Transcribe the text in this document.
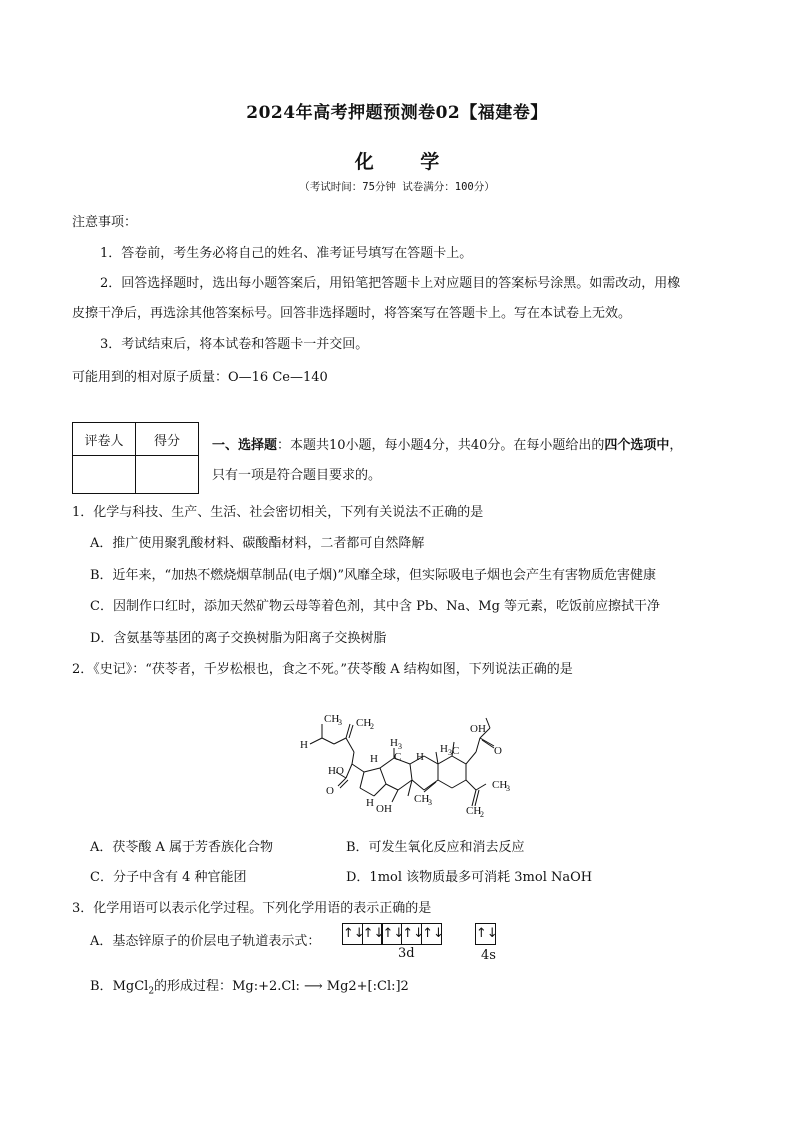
2024年高考押题预测卷02【福建卷】
化 学
（考试时间：75分钟 试卷满分：100分）
注意事项：
1．答卷前，考生务必将自己的姓名、准考证号填写在答题卡上。
2．回答选择题时，选出每小题答案后，用铅笔把答题卡上对应题目的答案标号涂黑。如需改动，用橡
皮擦干净后，再选涂其他答案标号。回答非选择题时，将答案写在答题卡上。写在本试卷上无效。
3．考试结束后，将本试卷和答题卡一并交回。
可能用到的相对原子质量：O—16 Ce—140
评卷人	得分
	一、选择题：本题共10小题，每小题4分，共40分。在每小题给出的四个选项中，
只有一项是符合题目要求的。
1．化学与科技、生产、生活、社会密切相关，下列有关说法不正确的是
A．推广使用聚乳酸材料、碳酸酯材料，二者都可自然降解
B．近年来，“加热不燃烧烟草制品(电子烟)”风靡全球，但实际吸电子烟也会产生有害物质危害健康
C．因制作口红时，添加天然矿物云母等着色剂，其中含 Pb、Na、Mg 等元素，吃饭前应擦拭干净
D．含氨基等基团的离子交换树脂为阳离子交换树脂
2．《史记》：“茯苓者，千岁松根也，食之不死。”茯苓酸 A 结构如图，下列说法正确的是
CH
3 CH
2
H
HO
O
H
H 3
C
H OH
CH
3
H
H 3 C
OH
O
CH
3
CH
2
A．茯苓酸 A 属于芳香族化合物	B．可发生氧化反应和消去反应
C．分子中含有 4 种官能团	D．1mol 该物质最多可消耗 3mol NaOH
3．化学用语可以表示化学过程。下列化学用语的表示正确的是
A．基态锌原子的价层电子轨道表示式：
↑↓
↑↓
↑↓
↑↓
↑↓ ↑↓
3d	4s
B．MgCl$_2$的形成过程：Mg:+2.Cl: ⟶ Mg2+[:Cl:]2
